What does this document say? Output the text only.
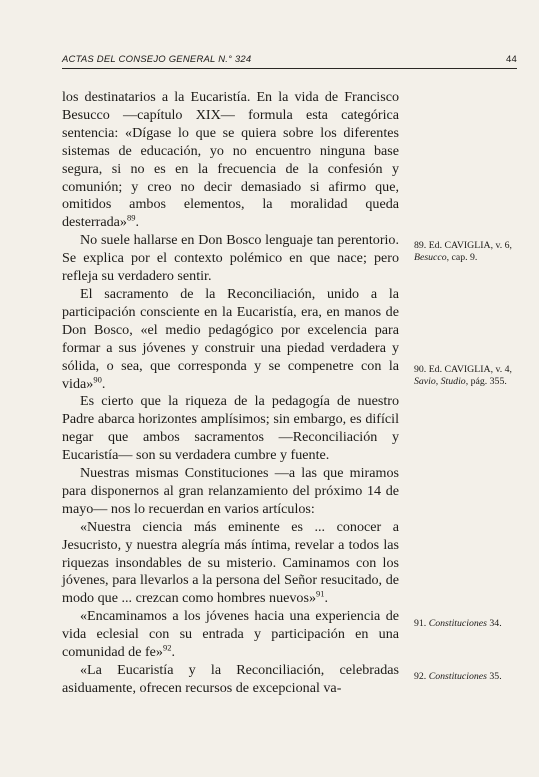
ACTAS DEL CONSEJO GENERAL N.° 324	44

los destinatarios a la Eucaristía. En la vida de Francisco Besucco —capítulo XIX— formula esta categórica sentencia: «Dígase lo que se quiera sobre los diferentes sistemas de educación, yo no encuentro ninguna base segura, si no es en la frecuencia de la confesión y comunión; y creo no decir demasiado si afirmo que, omitidos ambos elementos, la moralidad queda desterrada»$^{89}$.

No suele hallarse en Don Bosco lenguaje tan perentorio. Se explica por el contexto polémico en que nace; pero refleja su verdadero sentir.

El sacramento de la Reconciliación, unido a la participación consciente en la Eucaristía, era, en manos de Don Bosco, «el medio pedagógico por excelencia para formar a sus jóvenes y construir una piedad verdadera y sólida, o sea, que corresponda y se compenetre con la vida»$^{90}$.

Es cierto que la riqueza de la pedagogía de nuestro Padre abarca horizontes amplísimos; sin embargo, es difícil negar que ambos sacramentos —Reconciliación y Eucaristía— son su verdadera cumbre y fuente.

Nuestras mismas Constituciones —a las que miramos para disponernos al gran relanzamiento del próximo 14 de mayo— nos lo recuerdan en varios artículos:

«Nuestra ciencia más eminente es ... conocer a Jesucristo, y nuestra alegría más íntima, revelar a todos las riquezas insondables de su misterio. Caminamos con los jóvenes, para llevarlos a la persona del Señor resucitado, de modo que ... crezcan como hombres nuevos»$^{91}$.

«Encaminamos a los jóvenes hacia una experiencia de vida eclesial con su entrada y participación en una comunidad de fe»$^{92}$.

«La Eucaristía y la Reconciliación, celebradas asiduamente, ofrecen recursos de excepcional va-

89. Ed. CAVIGLIA, v. 6, Besucco, cap. 9.
90. Ed. CAVIGLIA, v. 4, Savio, Studio, pág. 355.
91. Constituciones 34.
92. Constituciones 35.
